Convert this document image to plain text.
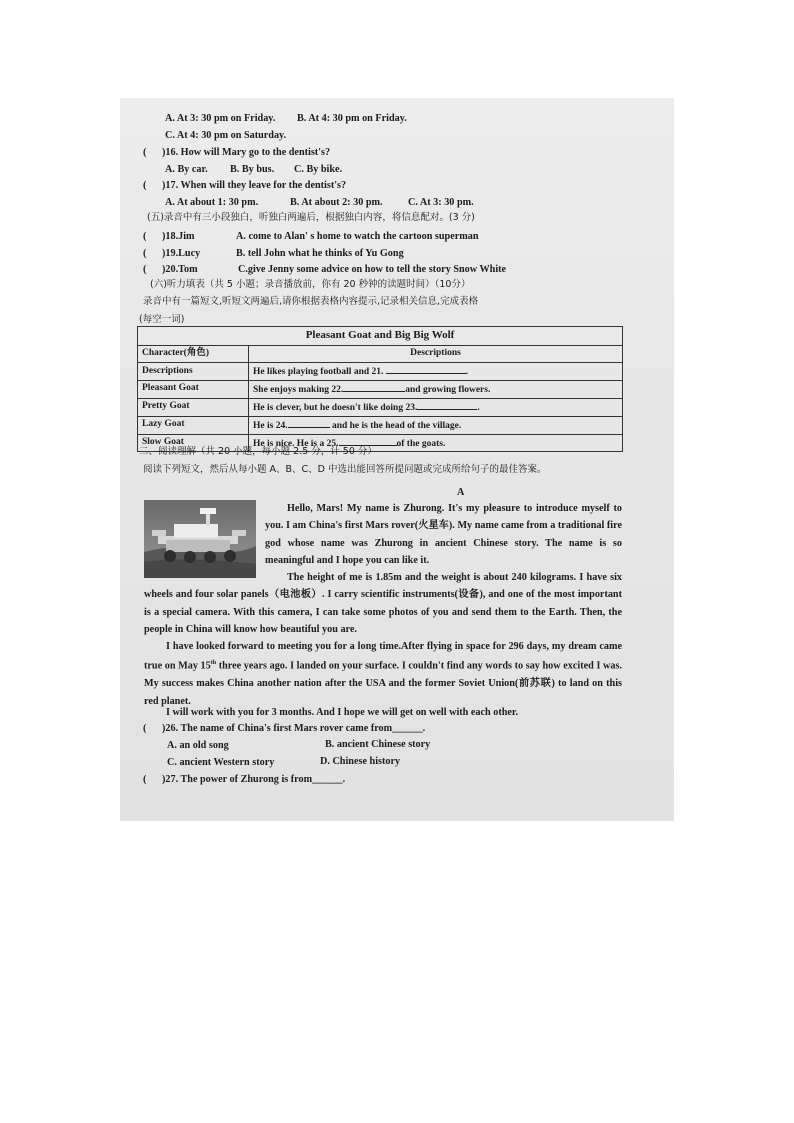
A. At 3: 30 pm on Friday. B. At 4: 30 pm on Friday.
C. At 4: 30 pm on Saturday.
( )16. How will Mary go to the dentist's?
A. By car. B. By bus. C. By bike.
( )17. When will they leave for the dentist's?
A. At about 1: 30 pm.	B. At about 2: 30 pm. C. At 3: 30 pm.
(五)录音中有三小段独白，听独白两遍后，根据独白内容，将信息配对。(3 分)
( )18.Jim	A. come to Alan' s home to watch the cartoon superman
( )19.Lucy	B. tell John what he thinks of Yu Gong
( )20.Tom	C.give Jenny some advice on how to tell the story Snow White
(六)听力填表（共 5 小题；录音播放前，你有 20 秒钟的读题时间）（10分）
录音中有一篇短文,听短文两遍后,请你根据表格内容提示,记录相关信息,完成表格
(每空一词)
Pleasant Goat and Big Big Wolf	
Character(角色)	Descriptions
Descriptions	He likes playing football and 21. .
Pleasant Goat	She enjoys making 22. and growing flowers.
Pretty Goat	He is clever, but he doesn't like doing 23. .
Lazy Goat	He is 24. and he is the head of the village.
Slow Goat	He is nice. He is a 25. of the goats.
二、阅读理解（共 20 小题，每小题 2.5 分，计 50 分）
阅读下列短文，然后从每小题 A、B、C、D 中选出能回答所提问题或完成所给句子的最佳答案。
A
Hello, Mars! My name is Zhurong. It's my pleasure to introduce myself to you. I am China's first Mars rover(火星车). My name came from a traditional fire god whose name was Zhurong in ancient Chinese story. The name is so meaningful and I hope you can like it.
The height of me is 1.85m and the weight is about 240 kilograms. I have six wheels and four solar panels（电池板）. I carry scientific instruments(设备), and one of the most important is a special camera. With this camera, I can take some photos of you and send them to the Earth. Then, the people in China will know how beautiful you are.
I have looked forward to meeting you for a long time.After flying in space for 296 days, my dream came true on May 15th three years ago. I landed on your surface. I couldn't find any words to say how excited I was. My success makes China another nation after the USA and the former Soviet Union(前苏联) to land on this red planet.
I will work with you for 3 months. And I hope we will get on well with each other.
( )26. The name of China's first Mars rover came from______.
A. an old song	B. ancient Chinese story
C. ancient Western story	D. Chinese history
( )27. The power of Zhurong is from______.
